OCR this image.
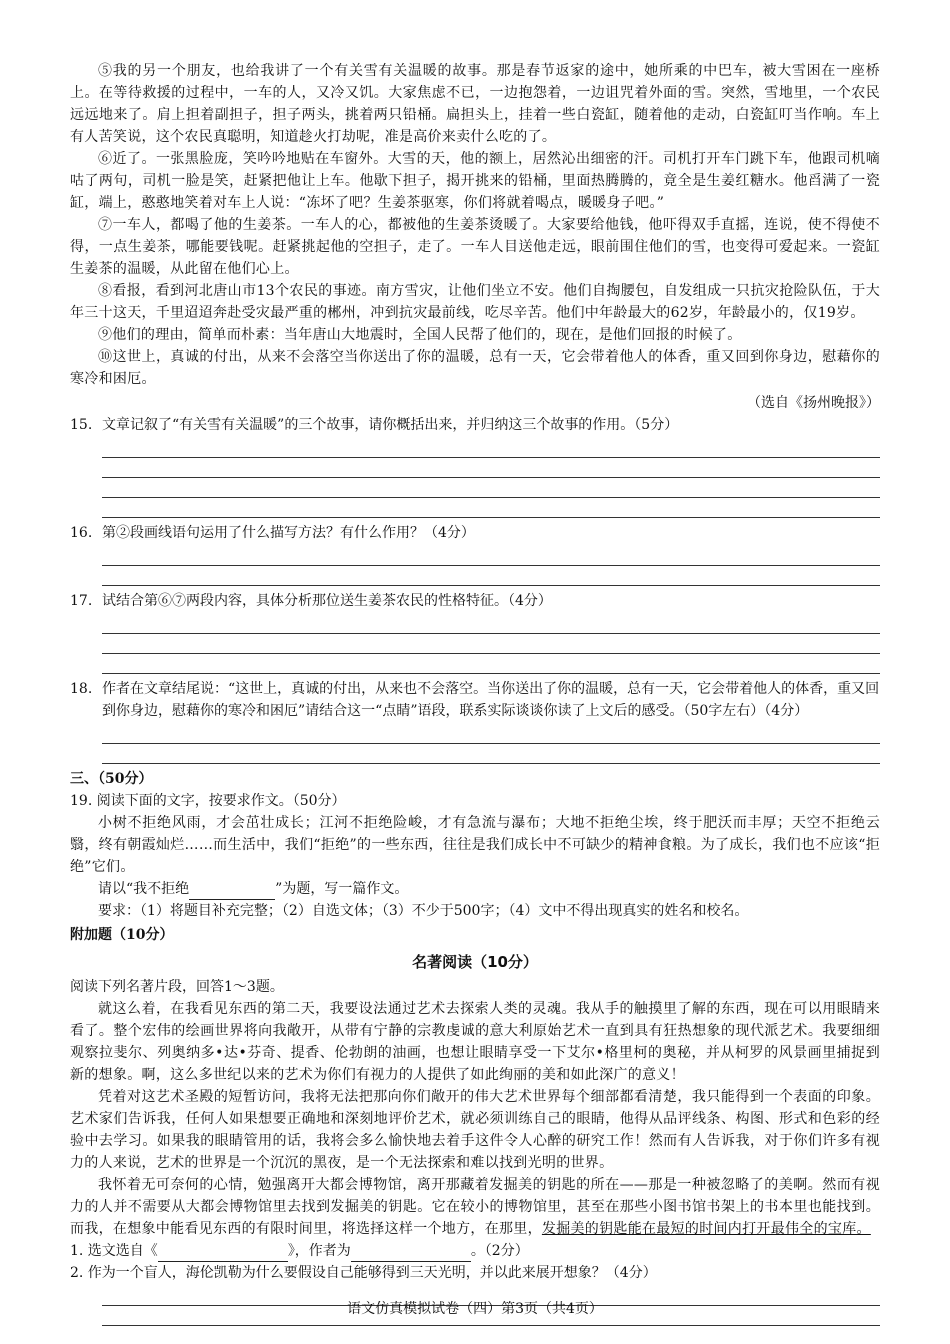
⑤我的另一个朋友，也给我讲了一个有关雪有关温暖的故事。那是春节返家的途中，她所乘的中巴车，被大雪困在一座桥上。在等待救援的过程中，一车的人，又冷又饥。大家焦虑不已，一边抱怨着，一边诅咒着外面的雪。突然，雪地里，一个农民远远地来了。肩上担着副担子，担子两头，挑着两只铅桶。扁担头上，挂着一些白瓷缸，随着他的走动，白瓷缸叮当作响。车上有人苦笑说，这个农民真聪明，知道趁火打劫呢，准是高价来卖什么吃的了。

⑥近了。一张黑脸庞，笑吟吟地贴在车窗外。大雪的天，他的额上，居然沁出细密的汗。司机打开车门跳下车，他跟司机嘀咕了两句，司机一脸是笑，赶紧把他让上车。他歇下担子，揭开挑来的铅桶，里面热腾腾的，竟全是生姜红糖水。他舀满了一瓷缸，端上，憨憨地笑着对车上人说：“冻坏了吧？生姜茶驱寒，你们将就着喝点，暖暖身子吧。”

⑦一车人，都喝了他的生姜茶。一车人的心，都被他的生姜茶烫暖了。大家要给他钱，他吓得双手直摇，连说，使不得使不得，一点生姜茶，哪能要钱呢。赶紧挑起他的空担子，走了。一车人目送他走远，眼前围住他们的雪，也变得可爱起来。一瓷缸生姜茶的温暖，从此留在他们心上。

⑧看报，看到河北唐山市13个农民的事迹。南方雪灾，让他们坐立不安。他们自掏腰包，自发组成一只抗灾抢险队伍，于大年三十这天，千里迢迢奔赴受灾最严重的郴州，冲到抗灾最前线，吃尽辛苦。他们中年龄最大的62岁，年龄最小的，仅19岁。

⑨他们的理由，简单而朴素：当年唐山大地震时，全国人民帮了他们的，现在，是他们回报的时候了。

⑩这世上，真诚的付出，从来不会落空当你送出了你的温暖，总有一天，它会带着他人的体香，重又回到你身边，慰藉你的寒冷和困厄。

（选自《扬州晚报》）

15. 文章记叙了“有关雪有关温暖”的三个故事，请你概括出来，并归纳这三个故事的作用。（5分）
16. 第②段画线语句运用了什么描写方法？有什么作用？（4分）
17. 试结合第⑥⑦两段内容，具体分析那位送生姜茶农民的性格特征。（4分）
18. 作者在文章结尾说：“这世上，真诚的付出，从来也不会落空。当你送出了你的温暖，总有一天，它会带着他人的体香，重又回到你身边，慰藉你的寒冷和困厄”请结合这一“点睛”语段，联系实际谈谈你读了上文后的感受。（50字左右）（4分）

三、（50分）

19. 阅读下面的文字，按要求作文。（50分）

小树不拒绝风雨，才会茁壮成长；江河不拒绝险峻，才有急流与瀑布；大地不拒绝尘埃，终于肥沃而丰厚；天空不拒绝云翳，终有朝霞灿烂……而生活中，我们“拒绝”的一些东西，往往是我们成长中不可缺少的精神食粮。为了成长，我们也不应该“拒绝”它们。

请以“我不拒绝	”为题，写一篇作文。

要求：（1）将题目补充完整；（2）自选文体；（3）不少于500字；（4）文中不得出现真实的姓名和校名。

附加题（10分）

名著阅读（10分）

阅读下列名著片段，回答1～3题。

就这么着，在我看见东西的第二天，我要设法通过艺术去探索人类的灵魂。我从手的触摸里了解的东西，现在可以用眼睛来看了。整个宏伟的绘画世界将向我敞开，从带有宁静的宗教虔诚的意大利原始艺术一直到具有狂热想象的现代派艺术。我要细细观察拉斐尔、列奥纳多•达•芬奇、提香、伦勃朗的油画，也想让眼睛享受一下艾尔•格里柯的奥秘，并从柯罗的风景画里捕捉到新的想象。啊，这么多世纪以来的艺术为你们有视力的人提供了如此绚丽的美和如此深广的意义！

凭着对这艺术圣殿的短暂访问，我将无法把那向你们敞开的伟大艺术世界每个细部都看清楚，我只能得到一个表面的印象。艺术家们告诉我，任何人如果想要正确地和深刻地评价艺术，就必须训练自己的眼睛，他得从品评线条、构图、形式和色彩的经验中去学习。如果我的眼睛管用的话，我将会多么愉快地去着手这件令人心醉的研究工作！然而有人告诉我，对于你们许多有视力的人来说，艺术的世界是一个沉沉的黑夜，是一个无法探索和难以找到光明的世界。

我怀着无可奈何的心情，勉强离开大都会博物馆，离开那藏着发掘美的钥匙的所在——那是一种被忽略了的美啊。然而有视力的人并不需要从大都会博物馆里去找到发掘美的钥匙。它在较小的博物馆里，甚至在那些小图书馆书架上的书本里也能找到。而我，在想象中能看见东西的有限时间里，将选择这样一个地方，在那里，发掘美的钥匙能在最短的时间内打开最伟全的宝库。

1. 选文选自《	》，作者为	。（2分）

2. 作为一个盲人，海伦凯勒为什么要假设自己能够得到三天光明，并以此来展开想象？（4分）

语文仿真模拟试卷（四）第3页（共4页）
